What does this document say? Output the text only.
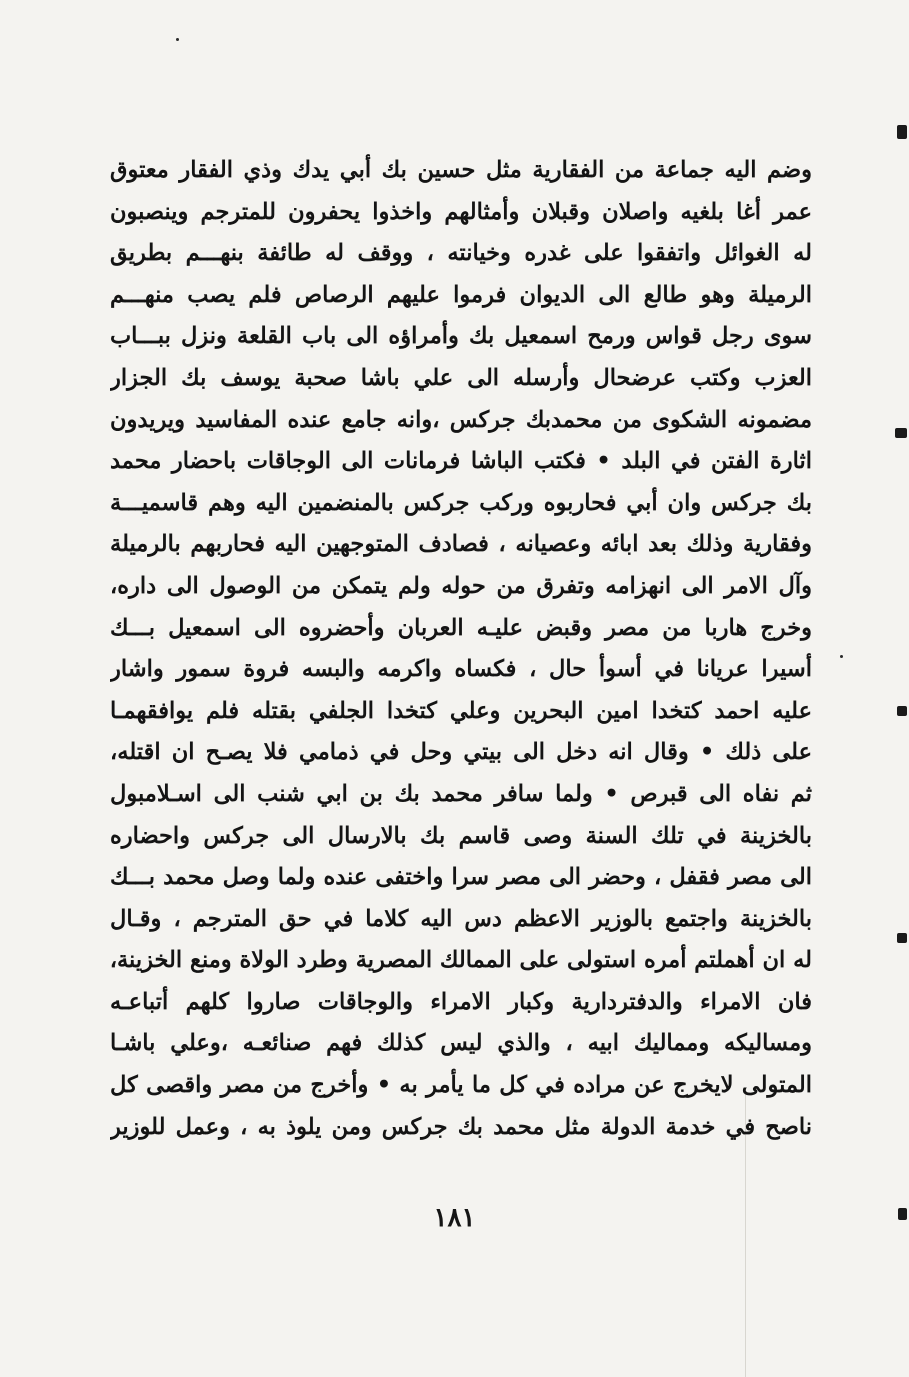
وضم اليه جماعة من الفقارية مثل حسين بك أبي يدك وذي الفقار معتوق
عمر أغا بلغيه واصلان وقبلان وأمثالهم واخذوا يحفرون للمترجم وينصبون
له الغوائل واتفقوا على غدره وخيانته ، ووقف له طائفة بنهـــم بطريق
الرميلة وهو طالع الى الديوان فرموا عليهم الرصاص فلم يصب منهـــم
سوى رجل قواس ورمح اسمعيل بك وأمراؤه الى باب القلعة ونزل ببـــاب
العزب وكتب عرضحال وأرسله الى علي باشا صحبة يوسف بك الجزار
مضمونه الشكوى من محمدبك جركس ،وانه جامع عنده المفاسيد ويريدون
اثارة الفتن في البلد • فكتب الباشا فرمانات الى الوجاقات باحضار محمد
بك جركس وان أبي فحاربوه وركب جركس بالمنضمين اليه وهم قاسميـــة
وفقارية وذلك بعد ابائه وعصيانه ، فصادف المتوجهين اليه فحاربهم بالرميلة
وآل الامر الى انهزامه وتفرق من حوله ولم يتمكن من الوصول الى داره،
وخرج هاربا من مصر وقبض عليـه العربان وأحضروه الى اسمعيل بـــك
أسيرا عريانا في أسوأ حال ، فكساه واكرمه والبسه فروة سمور واشار
عليه احمد كتخدا امين البحرين وعلي كتخدا الجلفي بقتله فلم يوافقهمـا
على ذلك • وقال انه دخل الى بيتي وحل في ذمامي فلا يصـح ان اقتله،
ثم نفاه الى قبرص • ولما سافر محمد بك بن ابي شنب الى اسـلامبول
بالخزينة في تلك السنة وصى قاسم بك بالارسال الى جركس واحضاره
الى مصر فقفل ، وحضر الى مصر سرا واختفى عنده ولما وصل محمد بـــك
بالخزينة واجتمع بالوزير الاعظم دس اليه كلاما في حق المترجم ، وقـال
له ان أهملتم أمره استولى على الممالك المصرية وطرد الولاة ومنع الخزينة،
فان الامراء والدفتردارية وكبار الامراء والوجاقات صاروا كلهم أتباعـه
ومساليكه ومماليك ابيه ، والذي ليس كذلك فهم صنائعـه ،وعلي باشـا
المتولى لايخرج عن مراده في كل ما يأمر به • وأخرج من مصر واقصى كل
ناصح في خدمة الدولة مثل محمد بك جركس ومن يلوذ به ، وعمل للوزير
١٨١
